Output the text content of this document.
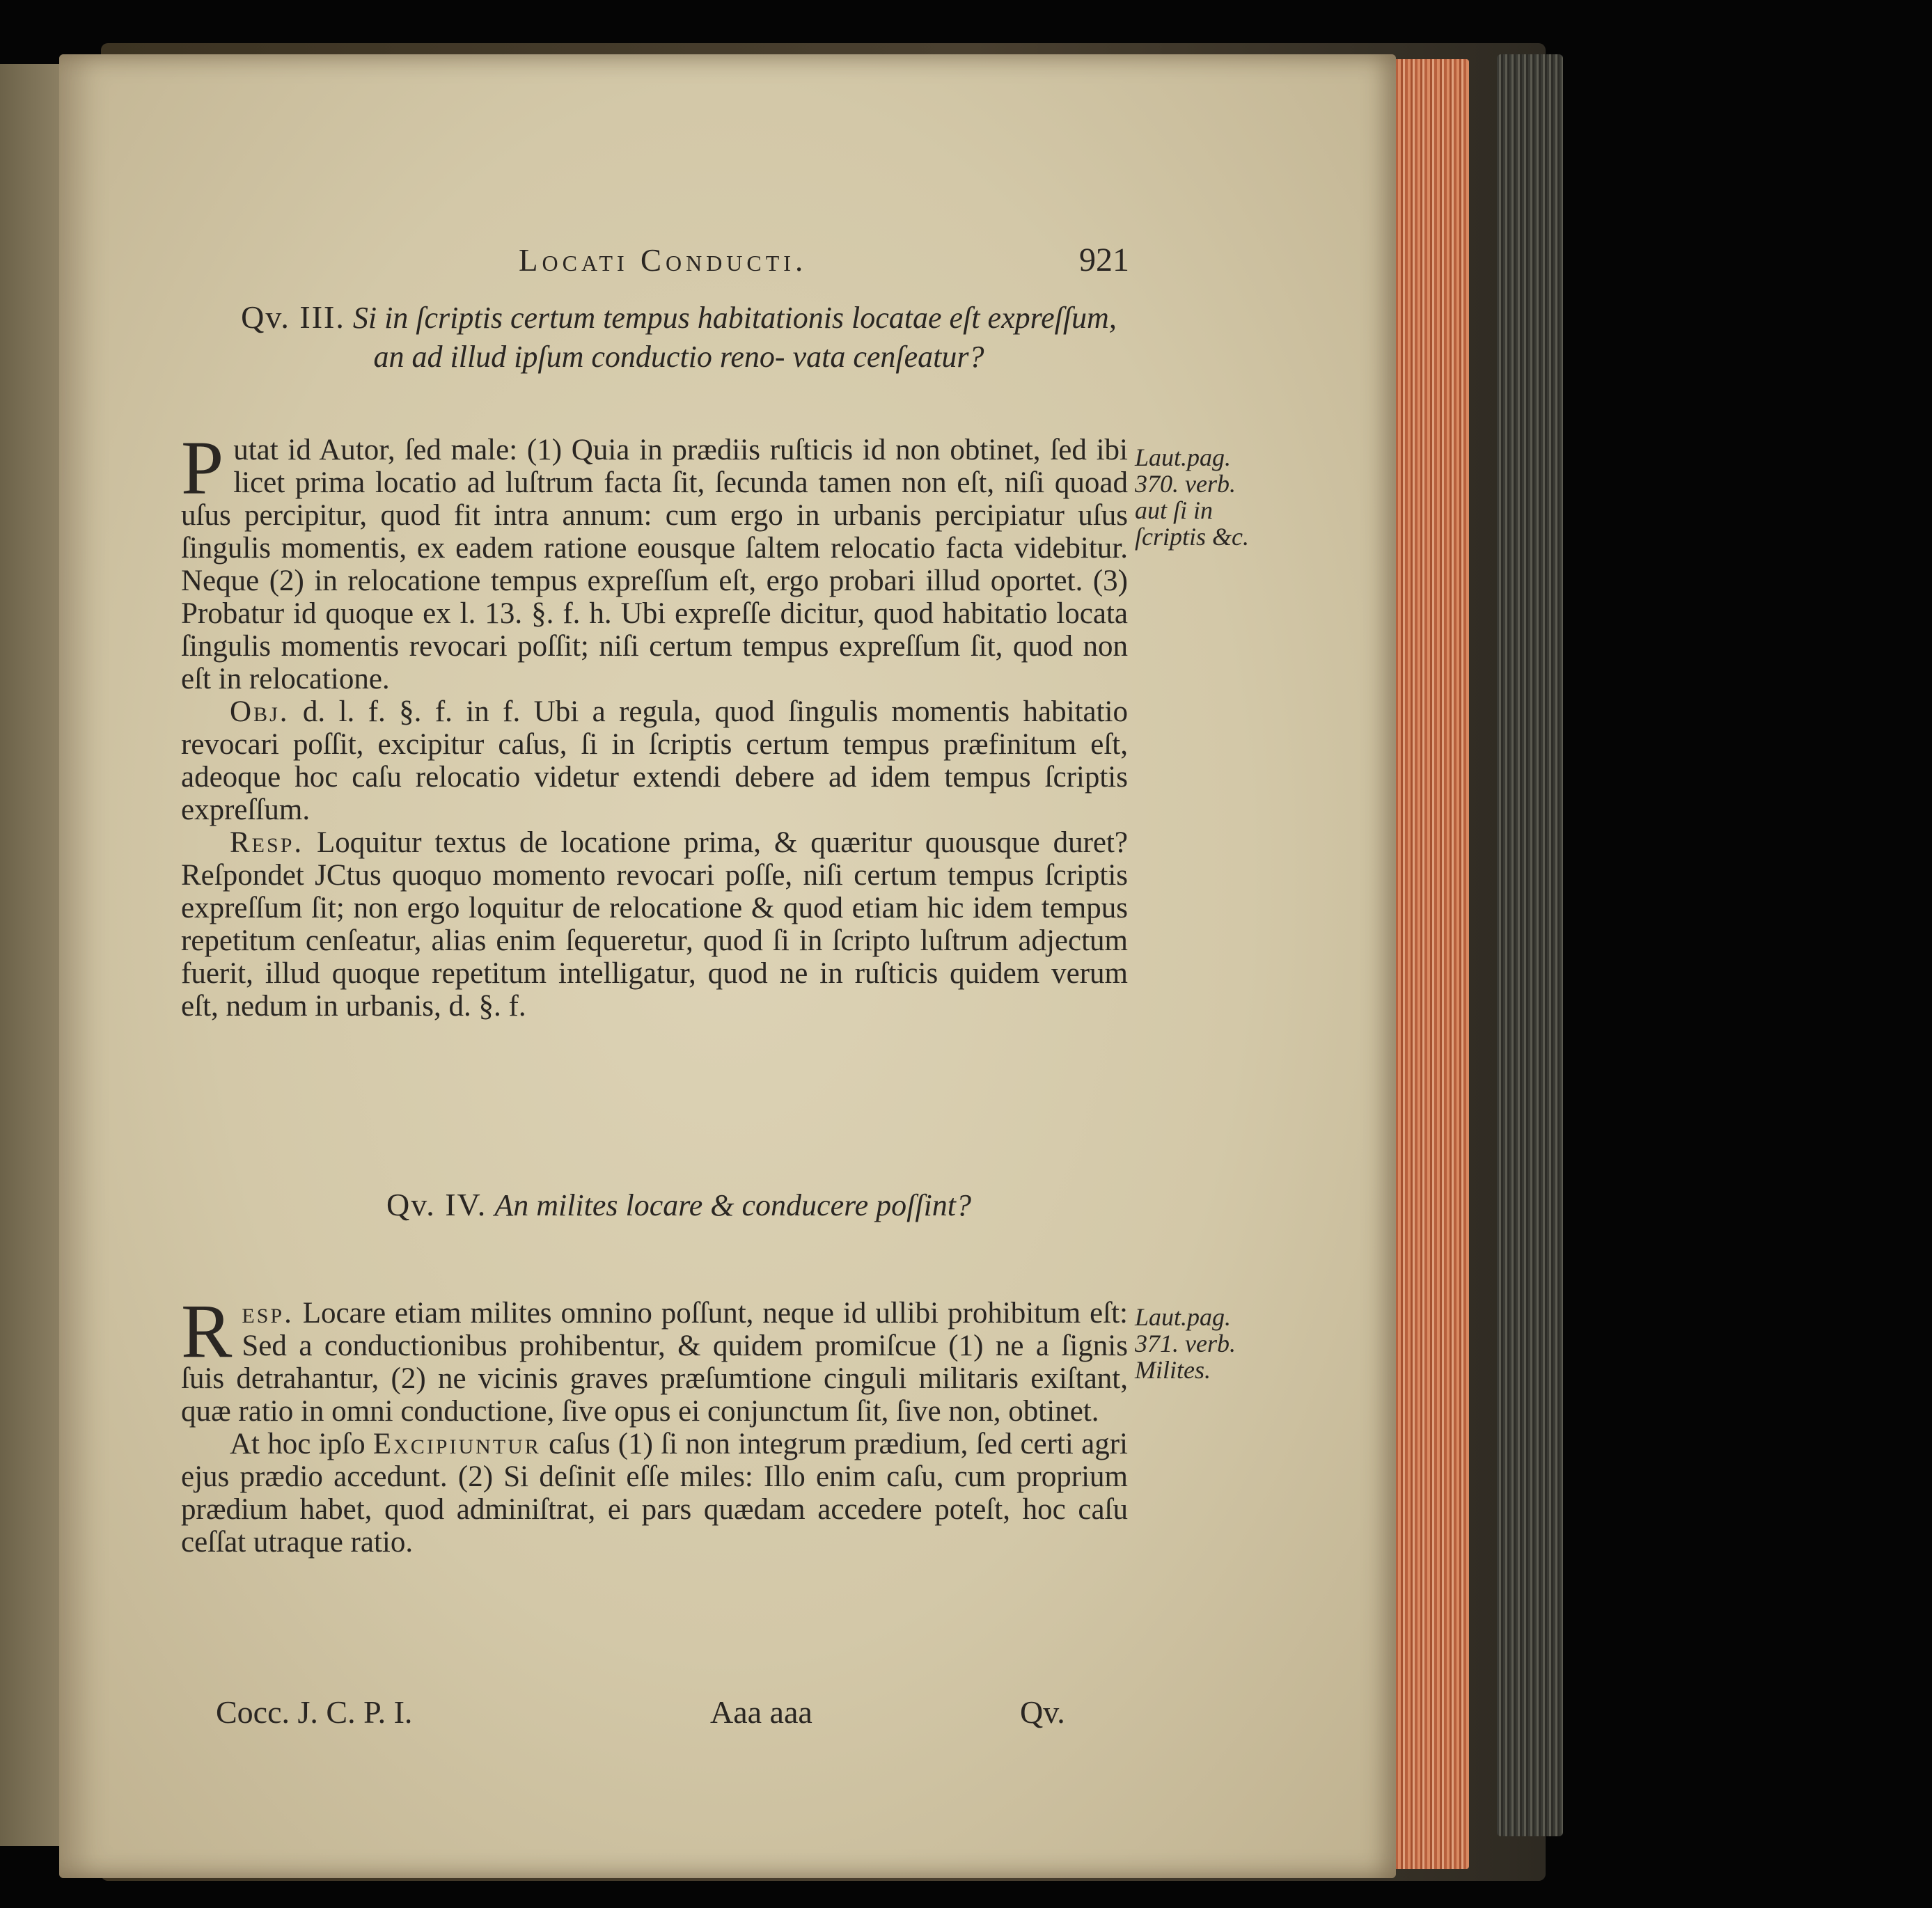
Locati Conducti.	921
Qv. III. Si in ſcriptis certum tempus habitationis locatae eſt expreſſum, an ad illud ipſum conductio reno- vata cenſeatur?

Putat id Autor, ſed male: (1) Quia in prædiis ruſticis id non obtinet, ſed ibi licet prima locatio ad luſtrum facta ſit, ſecunda tamen non eſt, niſi quoad uſus percipitur, quod fit intra annum: cum ergo in urbanis percipiatur uſus ſingulis momentis, ex eadem ratione eousque ſaltem relocatio facta videbitur. Neque (2) in relocatione tempus expreſſum eſt, ergo probari illud oportet. (3) Probatur id quoque ex l. 13. §. f. h. Ubi expreſſe dicitur, quod habitatio locata ſingulis momentis revocari poſſit; niſi certum tempus expreſſum ſit, quod non eſt in relocatione.

Obj. d. l. f. §. f. in f. Ubi a regula, quod ſingulis momentis habitatio revocari poſſit, excipitur caſus, ſi in ſcriptis certum tempus præfinitum eſt, adeoque hoc caſu relocatio videtur extendi debere ad idem tempus ſcriptis expreſſum.

Resp. Loquitur textus de locatione prima, & quæritur quousque duret? Reſpondet JCtus quoquo momento revocari poſſe, niſi certum tempus ſcriptis expreſſum ſit; non ergo loquitur de relocatione & quod etiam hic idem tempus repetitum cenſeatur, alias enim ſequeretur, quod ſi in ſcripto luſtrum adjectum fuerit, illud quoque repetitum intelligatur, quod ne in ruſticis quidem verum eſt, nedum in urbanis, d. §. f.

Laut.pag. 370. verb. aut ſi in ſcriptis &c.
Qv. IV. An milites locare & conducere poſſint?

Resp. Locare etiam milites omnino poſſunt, neque id ullibi prohibitum eſt: Sed a conductionibus prohibentur, & quidem promiſcue (1) ne a ſignis ſuis detrahantur, (2) ne vicinis graves præſumtione cinguli militaris exiſtant, quæ ratio in omni conductione, ſive opus ei conjunctum ſit, ſive non, obtinet.

At hoc ipſo Excipiuntur caſus (1) ſi non integrum prædium, ſed certi agri ejus prædio accedunt. (2) Si deſinit eſſe miles: Illo enim caſu, cum proprium prædium habet, quod adminiſtrat, ei pars quædam accedere poteſt, hoc caſu ceſſat utraque ratio.

Laut.pag. 371. verb. Milites.
Cocc. J. C. P. I.	Aaa aaa	Qv.
